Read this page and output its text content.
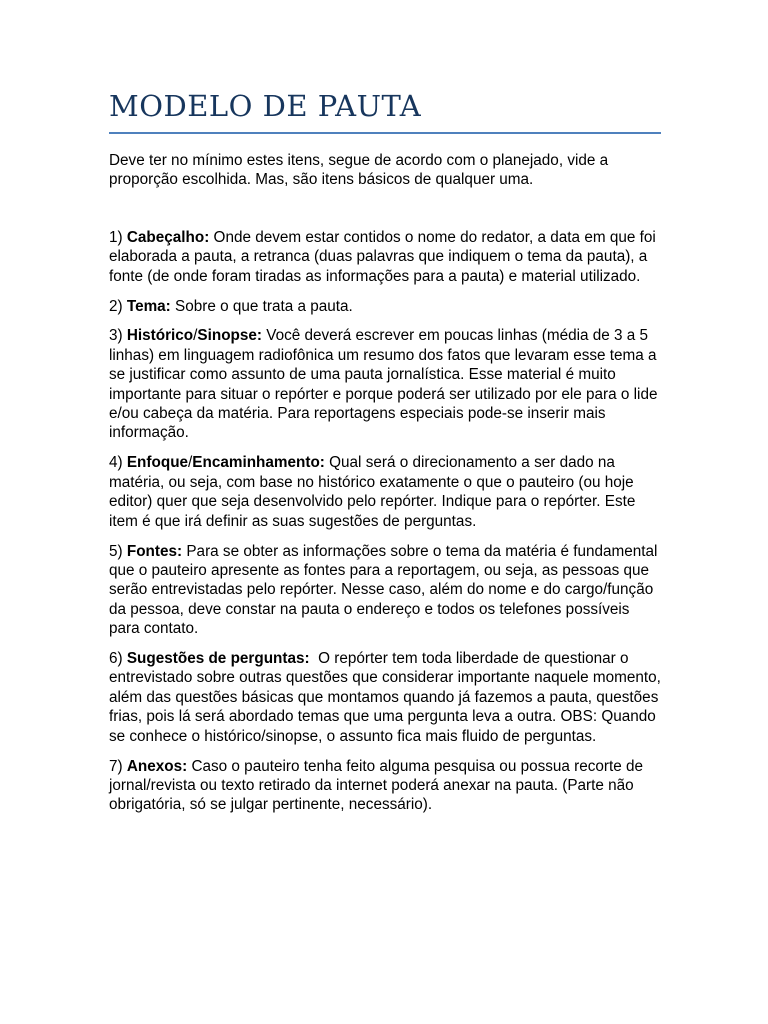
MODELO DE PAUTA

Deve ter no mínimo estes itens, segue de acordo com o planejado, vide a proporção escolhida. Mas, são itens básicos de qualquer uma.

1) Cabeçalho: Onde devem estar contidos o nome do redator, a data em que foi elaborada a pauta, a retranca (duas palavras que indiquem o tema da pauta), a fonte (de onde foram tiradas as informações para a pauta) e material utilizado.

2) Tema: Sobre o que trata a pauta.

3) Histórico/Sinopse: Você deverá escrever em poucas linhas (média de 3 a 5 linhas) em linguagem radiofônica um resumo dos fatos que levaram esse tema a se justificar como assunto de uma pauta jornalística. Esse material é muito importante para situar o repórter e porque poderá ser utilizado por ele para o lide e/ou cabeça da matéria. Para reportagens especiais pode-se inserir mais informação.

4) Enfoque/Encaminhamento: Qual será o direcionamento a ser dado na matéria, ou seja, com base no histórico exatamente o que o pauteiro (ou hoje editor) quer que seja desenvolvido pelo repórter. Indique para o repórter. Este item é que irá definir as suas sugestões de perguntas.

5) Fontes: Para se obter as informações sobre o tema da matéria é fundamental que o pauteiro apresente as fontes para a reportagem, ou seja, as pessoas que serão entrevistadas pelo repórter. Nesse caso, além do nome e do cargo/função da pessoa, deve constar na pauta o endereço e todos os telefones possíveis para contato.

6) Sugestões de perguntas:  O repórter tem toda liberdade de questionar o entrevistado sobre outras questões que considerar importante naquele momento, além das questões básicas que montamos quando já fazemos a pauta, questões frias, pois lá será abordado temas que uma pergunta leva a outra. OBS: Quando se conhece o histórico/sinopse, o assunto fica mais fluido de perguntas.

7) Anexos: Caso o pauteiro tenha feito alguma pesquisa ou possua recorte de jornal/revista ou texto retirado da internet poderá anexar na pauta. (Parte não obrigatória, só se julgar pertinente, necessário).
